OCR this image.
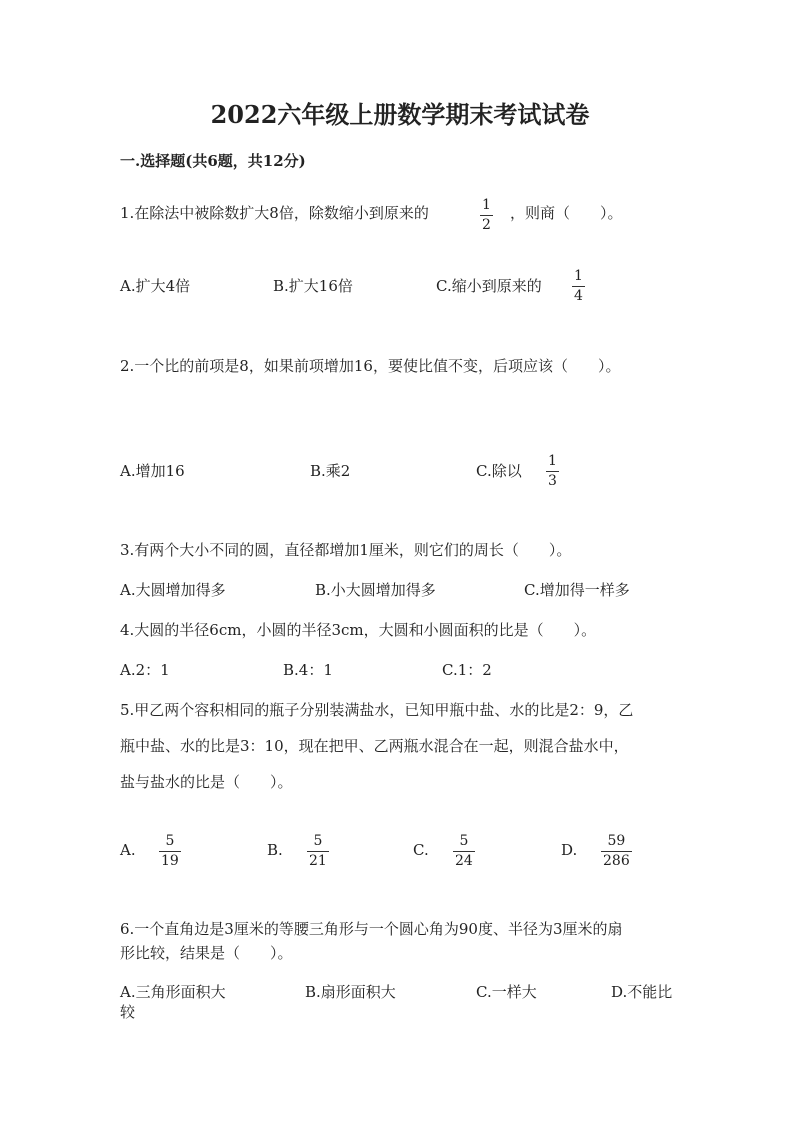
2022六年级上册数学期末考试试卷
一.选择题(共6题，共12分)
1.在除法中被除数扩大8倍，除数缩小到原来的	1
2
，则商（　　）。
A.扩大4倍	B.扩大16倍	C.缩小到原来的
1
4
2.一个比的前项是8，如果前项增加16，要使比值不变，后项应该（　　）。
A.增加16	B.乘2	C.除以
1
3
3.有两个大小不同的圆，直径都增加1厘米，则它们的周长（　　）。
A.大圆增加得多	B.小大圆增加得多	C.增加得一样多
4.大圆的半径6cm，小圆的半径3cm，大圆和小圆面积的比是（　　）。
A.2：1	B.4：1	C.1：2
5.甲乙两个容积相同的瓶子分别装满盐水，已知甲瓶中盐、水的比是2：9，乙
瓶中盐、水的比是3：10，现在把甲、乙两瓶水混合在一起，则混合盐水中，
盐与盐水的比是（　　）。
A. 5
19
B. 5
21
C. 5
24
D. 59
286
6.一个直角边是3厘米的等腰三角形与一个圆心角为90度、半径为3厘米的扇
形比较，结果是（　　）。
A.三角形面积大
较
B.扇形面积大	C.一样大	D.不能比
